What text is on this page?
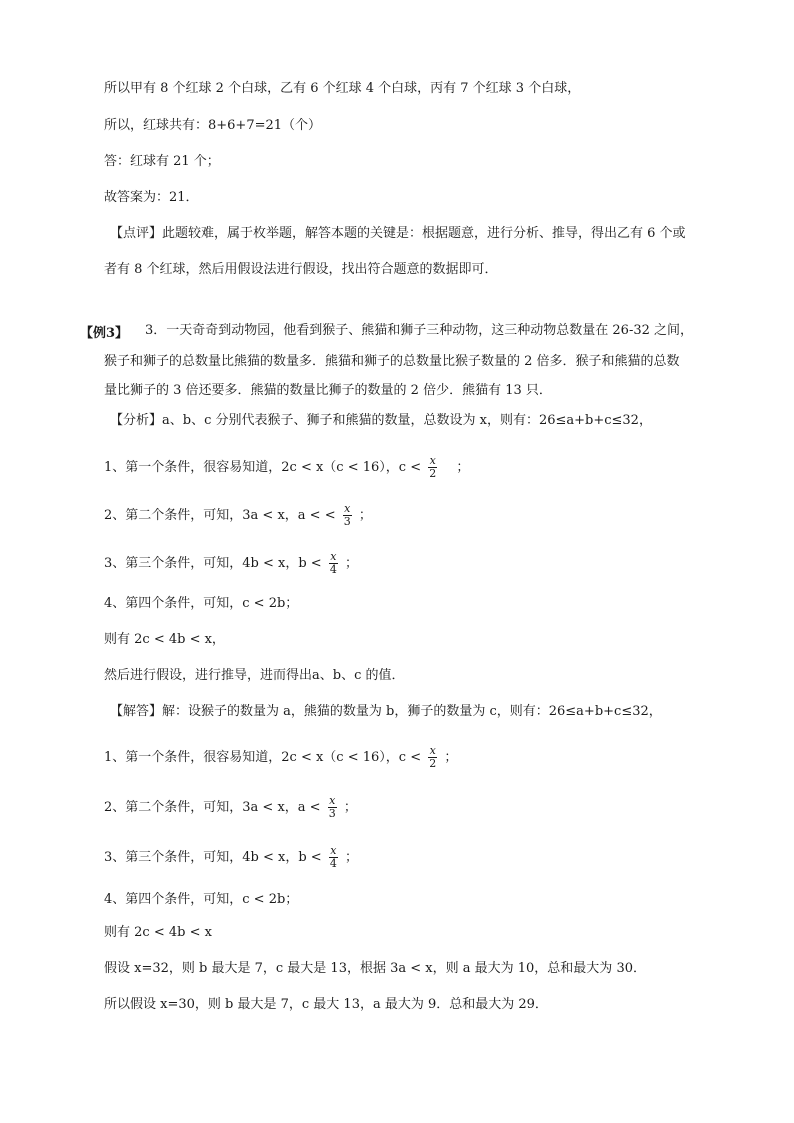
所以甲有 8 个红球 2 个白球，乙有 6 个红球 4 个白球，丙有 7 个红球 3 个白球，
所以，红球共有：8+6+7=21（个）
答：红球有 21 个；
故答案为：21．
【点评】此题较难，属于枚举题，解答本题的关键是：根据题意，进行分析、推导，得出乙有 6 个或
者有 8 个红球，然后用假设法进行假设，找出符合题意的数据即可．
【例3】 3．一天奇奇到动物园，他看到猴子、熊猫和狮子三种动物，这三种动物总数量在 26-32 之间，
猴子和狮子的总数量比熊猫的数量多．熊猫和狮子的总数量比猴子数量的 2 倍多．猴子和熊猫的总数
量比狮子的 3 倍还要多．熊猫的数量比狮子的数量的 2 倍少．熊猫有 13 只．
【分析】a、b、c 分别代表猴子、狮子和熊猫的数量，总数设为 x，则有：26≤a+b+c≤32，
1、第一个条件，很容易知道，2c < x（c < 16），$c < \frac{x}{2}$ ；
2、第二个条件，可知，3a < x，a < < $\frac{x}{3}$ ；
3、第三个条件，可知，4b < x，$b < \frac{x}{4}$ ；
4、第四个条件，可知，c < 2b；
则有 2c < 4b < x，
然后进行假设，进行推导，进而得出a、b、c 的值．
【解答】解：设猴子的数量为 a，熊猫的数量为 b，狮子的数量为 c，则有：26≤a+b+c≤32，
1、第一个条件，很容易知道，2c < x（c < 16），$c < \frac{x}{2}$ ；
2、第二个条件，可知，3a < x，$a < \frac{x}{3}$ ；
3、第三个条件，可知，4b < x，$b < \frac{x}{4}$ ；
4、第四个条件，可知，c < 2b；
则有 2c < 4b < x
假设 x=32，则 b 最大是 7，c 最大是 13，根据 3a < x，则 a 最大为 10，总和最大为 30．
所以假设 x=30，则 b 最大是 7，c 最大 13，a 最大为 9．总和最大为 29．
